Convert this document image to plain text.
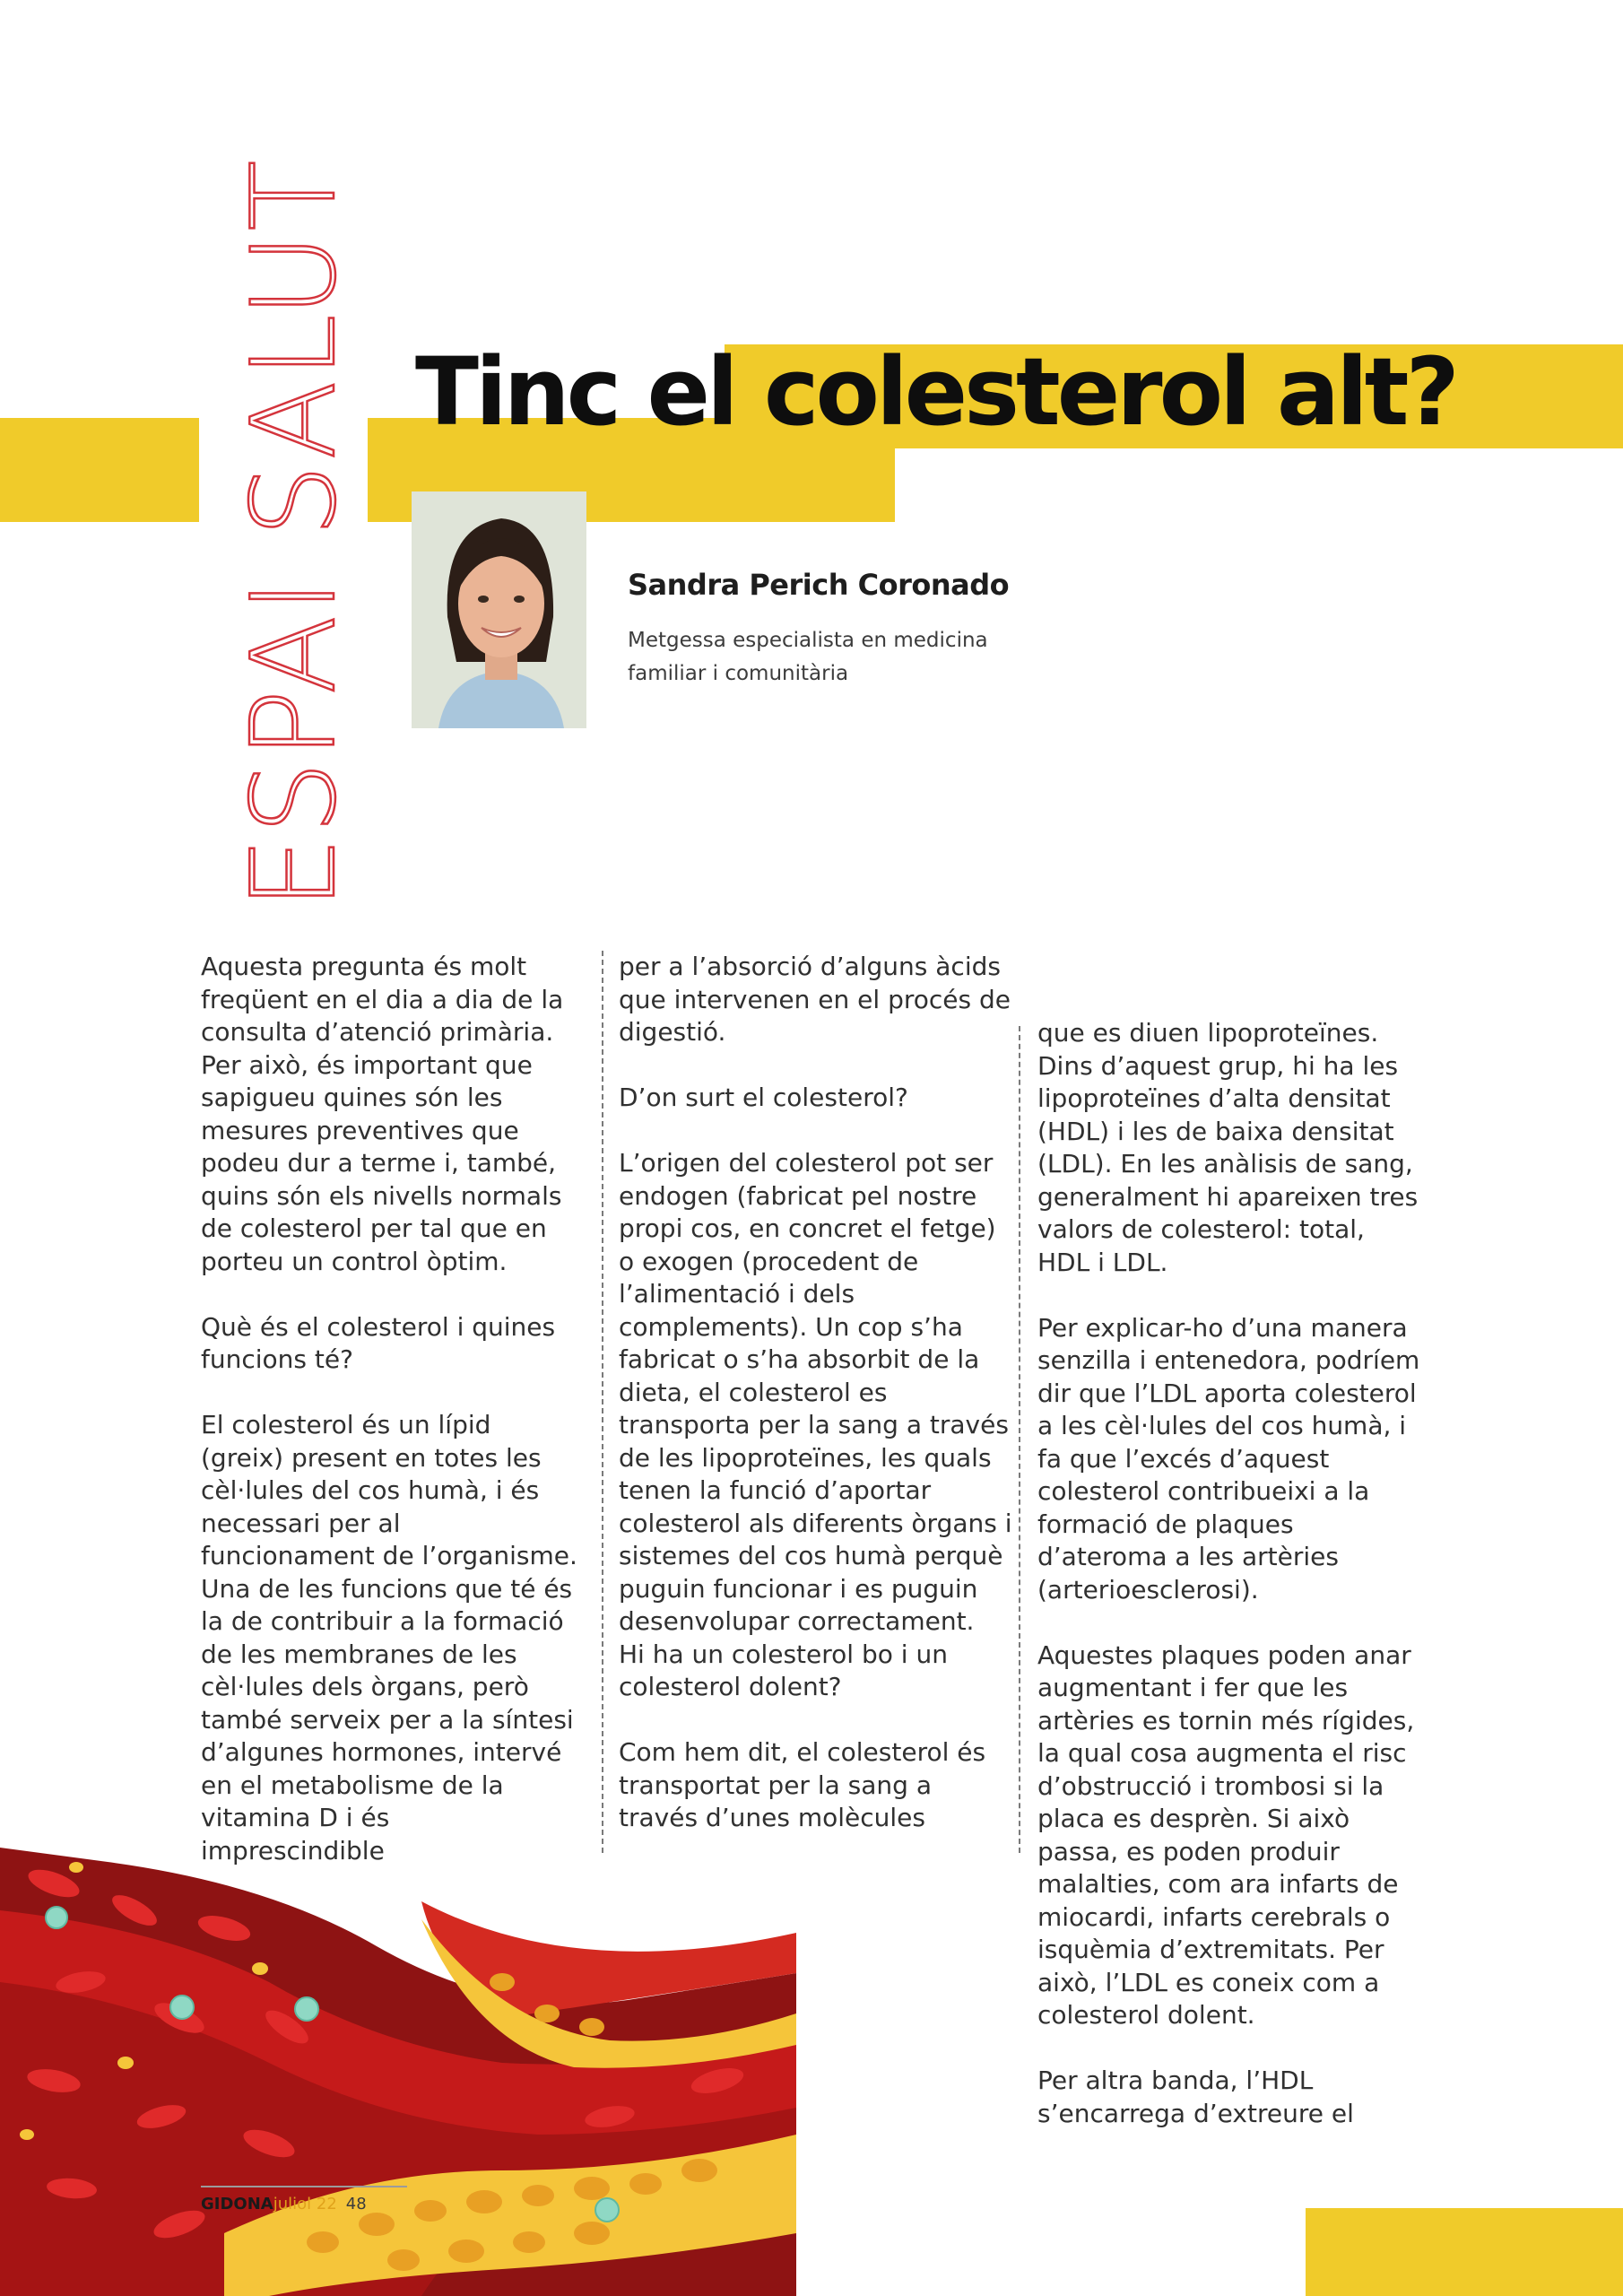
ESPAI SALUT Tinc el colesterol alt?
Sandra Perich Coronado
Metgessa especialista en medicina
familiar i comunitària

Aquesta pregunta és molt freqüent en el dia a dia de la consulta d’atenció primària. Per això, és important que sapigueu quines són les mesures preventives que podeu dur a terme i, també, quins són els nivells normals de colesterol per tal que en porteu un control òptim.

Què és el colesterol i quines funcions té?

El colesterol és un lípid (greix) present en totes les cèl·lules del cos humà, i és necessari per al funcionament de l’organisme. Una de les funcions que té és la de contribuir a la formació de les membranes de les cèl·lules dels òrgans, però també serveix per a la síntesi d’algunes hormones, intervé en el metabolisme de la vitamina D i és imprescindible

per a l’absorció d’alguns àcids que intervenen en el procés de digestió.

D’on surt el colesterol?

L’origen del colesterol pot ser endogen (fabricat pel nostre propi cos, en concret el fetge) o exogen (procedent de l’alimentació i dels complements). Un cop s’ha fabricat o s’ha absorbit de la dieta, el colesterol es transporta per la sang a través de les lipoproteïnes, les quals tenen la funció d’aportar colesterol als diferents òrgans i sistemes del cos humà perquè puguin funcionar i es puguin desenvolupar correctament.

Hi ha un colesterol bo i un colesterol dolent?

Com hem dit, el colesterol és transportat per la sang a través d’unes molècules

que es diuen lipoproteïnes. Dins d’aquest grup, hi ha les lipoproteïnes d’alta densitat (HDL) i les de baixa densitat (LDL). En les anàlisis de sang, generalment hi apareixen tres valors de colesterol: total, HDL i LDL.

Per explicar-ho d’una manera senzilla i entenedora, podríem dir que l’LDL aporta colesterol a les cèl·lules del cos humà, i fa que l’excés d’aquest colesterol contribueixi a la formació de plaques d’ateroma a les artèries (arterioesclerosi).

Aquestes plaques poden anar augmentant i fer que les artèries es tornin més rígides, la qual cosa augmenta el risc d’obstrucció i trombosi si la placa es desprèn. Si això passa, es poden produir malalties, com ara infarts de miocardi, infarts cerebrals o isquèmia d’extremitats. Per això, l’LDL es coneix com a colesterol dolent.

Per altra banda, l’HDL s’encarrega d’extreure el

GIDONAjuliol 22 48
